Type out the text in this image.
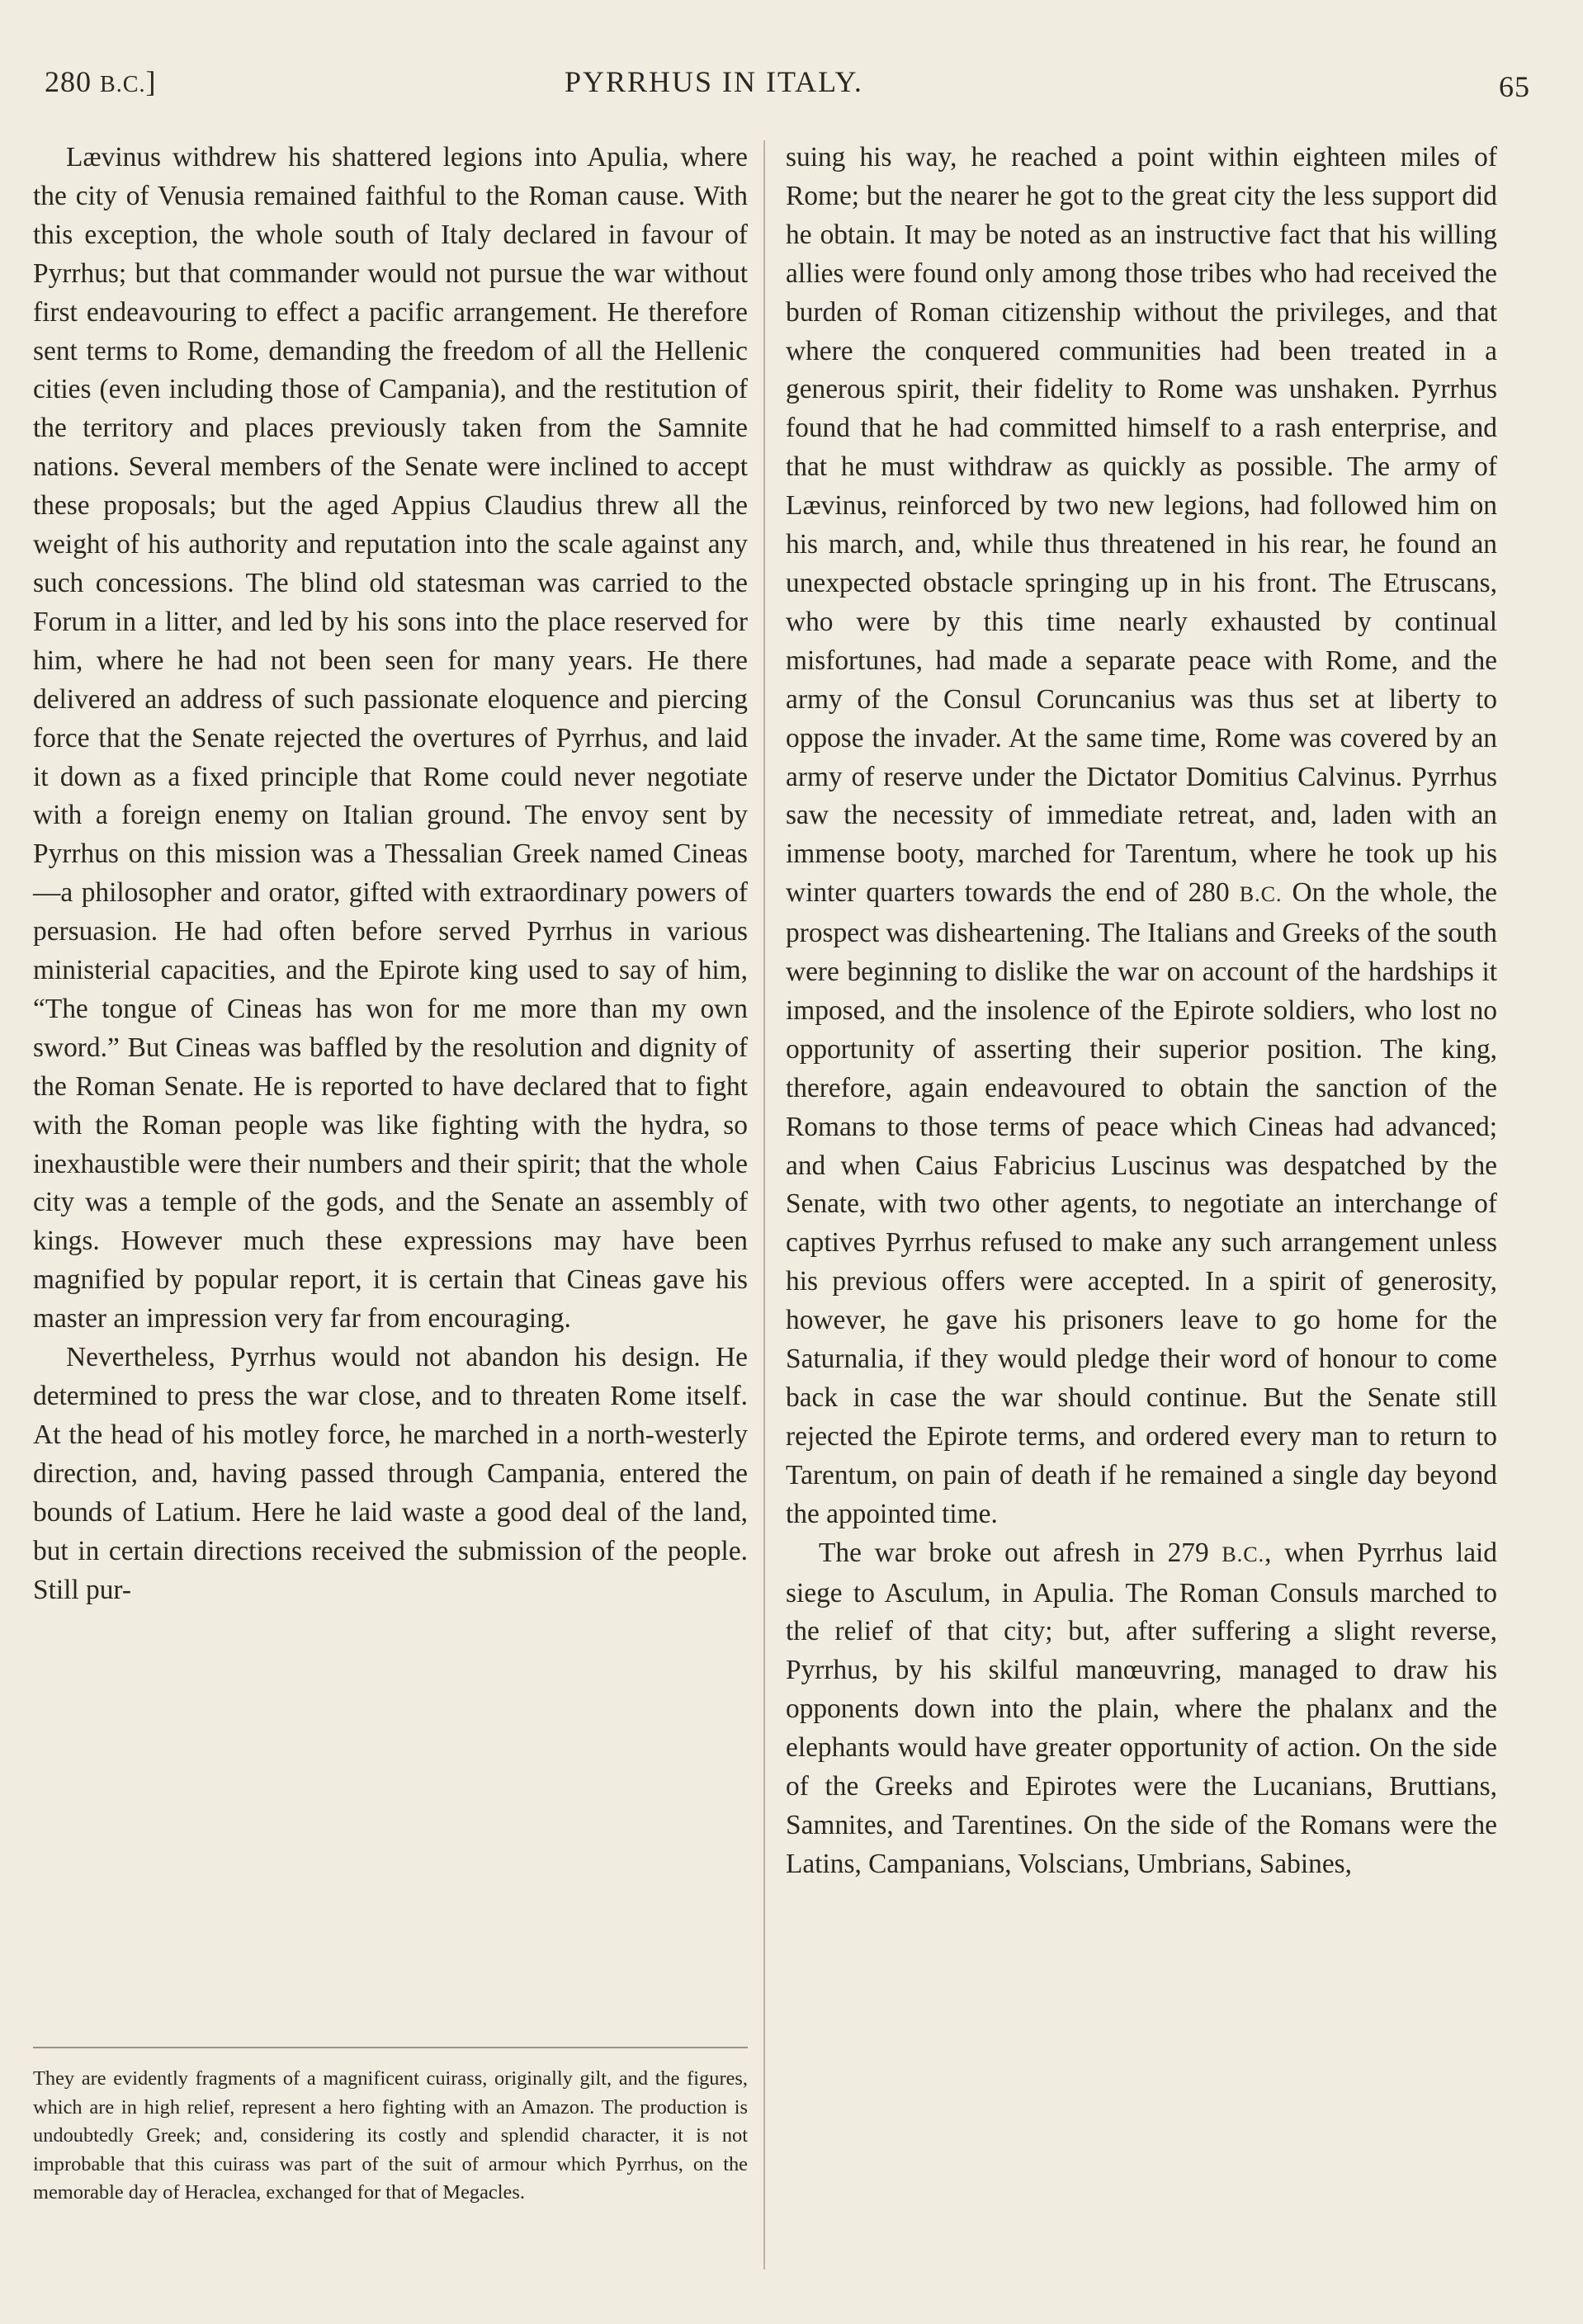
280 B.C.]	PYRRHUS IN ITALY.	65

Lævinus withdrew his shattered legions into Apulia, where the city of Venusia remained faithful to the Roman cause. With this exception, the whole south of Italy declared in favour of Pyrrhus; but that commander would not pursue the war without first endeavouring to effect a pacific arrangement. He therefore sent terms to Rome, demanding the freedom of all the Hellenic cities (even including those of Campania), and the restitution of the territory and places previously taken from the Samnite nations. Several members of the Senate were inclined to accept these proposals; but the aged Appius Claudius threw all the weight of his authority and reputation into the scale against any such concessions. The blind old statesman was carried to the Forum in a litter, and led by his sons into the place reserved for him, where he had not been seen for many years. He there delivered an address of such passionate eloquence and piercing force that the Senate rejected the overtures of Pyrrhus, and laid it down as a fixed principle that Rome could never negotiate with a foreign enemy on Italian ground. The envoy sent by Pyrrhus on this mission was a Thessalian Greek named Cineas—a philosopher and orator, gifted with extraordinary powers of persuasion. He had often before served Pyrrhus in various ministerial capacities, and the Epirote king used to say of him, “The tongue of Cineas has won for me more than my own sword.” But Cineas was baffled by the resolution and dignity of the Roman Senate. He is reported to have declared that to fight with the Roman people was like fighting with the hydra, so inexhaustible were their numbers and their spirit; that the whole city was a temple of the gods, and the Senate an assembly of kings. However much these expressions may have been magnified by popular report, it is certain that Cineas gave his master an impression very far from encouraging.

Nevertheless, Pyrrhus would not abandon his design. He determined to press the war close, and to threaten Rome itself. At the head of his motley force, he marched in a north-westerly direction, and, having passed through Campania, entered the bounds of Latium. Here he laid waste a good deal of the land, but in certain directions received the submission of the people. Still pur-

suing his way, he reached a point within eighteen miles of Rome; but the nearer he got to the great city the less support did he obtain. It may be noted as an instructive fact that his willing allies were found only among those tribes who had received the burden of Roman citizenship without the privileges, and that where the conquered communities had been treated in a generous spirit, their fidelity to Rome was unshaken. Pyrrhus found that he had committed himself to a rash enterprise, and that he must withdraw as quickly as possible. The army of Lævinus, reinforced by two new legions, had followed him on his march, and, while thus threatened in his rear, he found an unexpected obstacle springing up in his front. The Etruscans, who were by this time nearly exhausted by continual misfortunes, had made a separate peace with Rome, and the army of the Consul Coruncanius was thus set at liberty to oppose the invader. At the same time, Rome was covered by an army of reserve under the Dictator Domitius Calvinus. Pyrrhus saw the necessity of immediate retreat, and, laden with an immense booty, marched for Tarentum, where he took up his winter quarters towards the end of 280 B.C. On the whole, the prospect was disheartening. The Italians and Greeks of the south were beginning to dislike the war on account of the hardships it imposed, and the insolence of the Epirote soldiers, who lost no opportunity of asserting their superior position. The king, therefore, again endeavoured to obtain the sanction of the Romans to those terms of peace which Cineas had advanced; and when Caius Fabricius Luscinus was despatched by the Senate, with two other agents, to negotiate an interchange of captives Pyrrhus refused to make any such arrangement unless his previous offers were accepted. In a spirit of generosity, however, he gave his prisoners leave to go home for the Saturnalia, if they would pledge their word of honour to come back in case the war should continue. But the Senate still rejected the Epirote terms, and ordered every man to return to Tarentum, on pain of death if he remained a single day beyond the appointed time.

The war broke out afresh in 279 B.C., when Pyrrhus laid siege to Asculum, in Apulia. The Roman Consuls marched to the relief of that city; but, after suffering a slight reverse, Pyrrhus, by his skilful manœuvring, managed to draw his opponents down into the plain, where the phalanx and the elephants would have greater opportunity of action. On the side of the Greeks and Epirotes were the Lucanians, Bruttians, Samnites, and Tarentines. On the side of the Romans were the Latins, Campanians, Volscians, Umbrians, Sabines,

They are evidently fragments of a magnificent cuirass, originally gilt, and the figures, which are in high relief, represent a hero fighting with an Amazon. The production is undoubtedly Greek; and, considering its costly and splendid character, it is not improbable that this cuirass was part of the suit of armour which Pyrrhus, on the memorable day of Heraclea, exchanged for that of Megacles.
